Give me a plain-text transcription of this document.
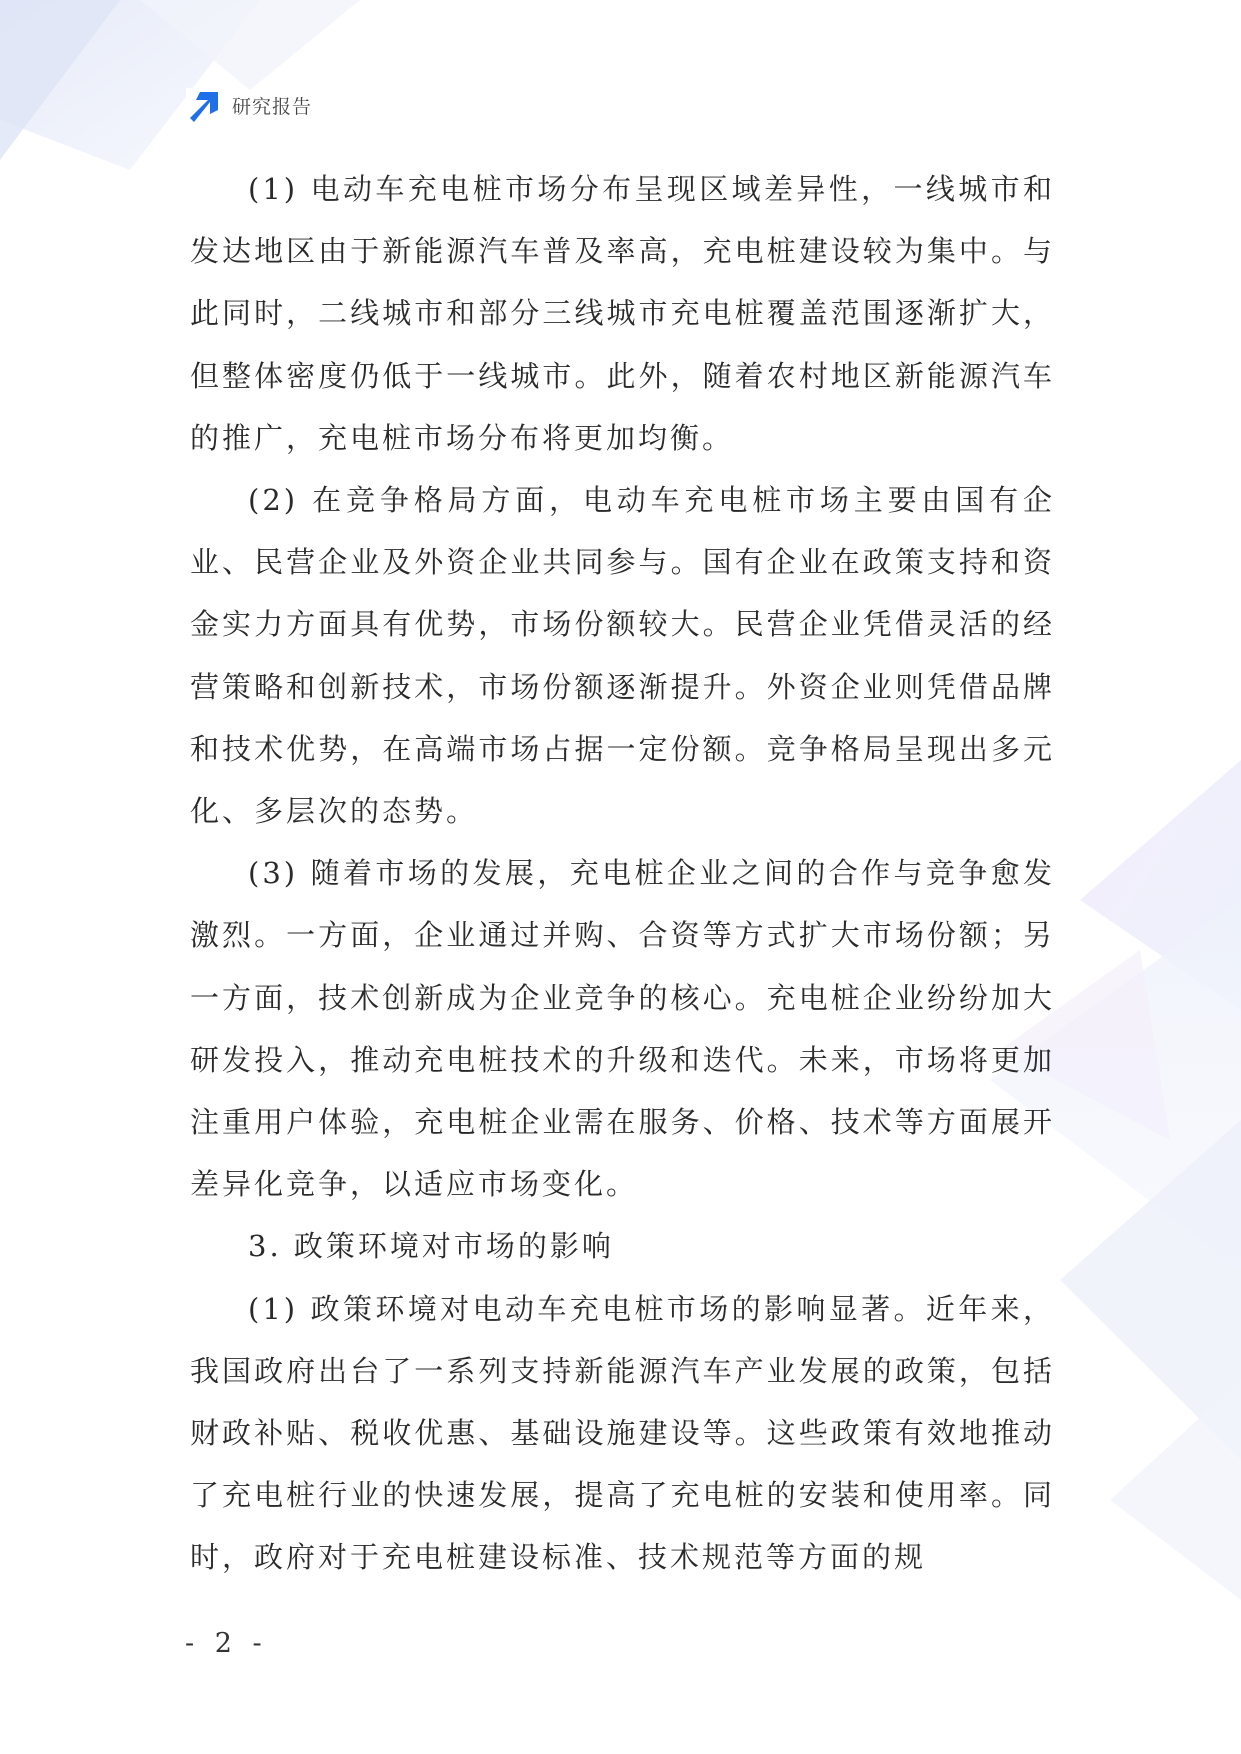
研究报告

(1) 电动车充电桩市场分布呈现区域差异性，一线城市和发达地区由于新能源汽车普及率高，充电桩建设较为集中。与此同时，二线城市和部分三线城市充电桩覆盖范围逐渐扩大，但整体密度仍低于一线城市。此外，随着农村地区新能源汽车的推广，充电桩市场分布将更加均衡。

(2) 在竞争格局方面，电动车充电桩市场主要由国有企业、民营企业及外资企业共同参与。国有企业在政策支持和资金实力方面具有优势，市场份额较大。民营企业凭借灵活的经营策略和创新技术，市场份额逐渐提升。外资企业则凭借品牌和技术优势，在高端市场占据一定份额。竞争格局呈现出多元化、多层次的态势。

(3) 随着市场的发展，充电桩企业之间的合作与竞争愈发激烈。一方面，企业通过并购、合资等方式扩大市场份额；另一方面，技术创新成为企业竞争的核心。充电桩企业纷纷加大研发投入，推动充电桩技术的升级和迭代。未来，市场将更加注重用户体验，充电桩企业需在服务、价格、技术等方面展开差异化竞争，以适应市场变化。

3. 政策环境对市场的影响

(1) 政策环境对电动车充电桩市场的影响显著。近年来，我国政府出台了一系列支持新能源汽车产业发展的政策，包括财政补贴、税收优惠、基础设施建设等。这些政策有效地推动了充电桩行业的快速发展，提高了充电桩的安装和使用率。同时，政府对于充电桩建设标准、技术规范等方面的规

- 2 -
